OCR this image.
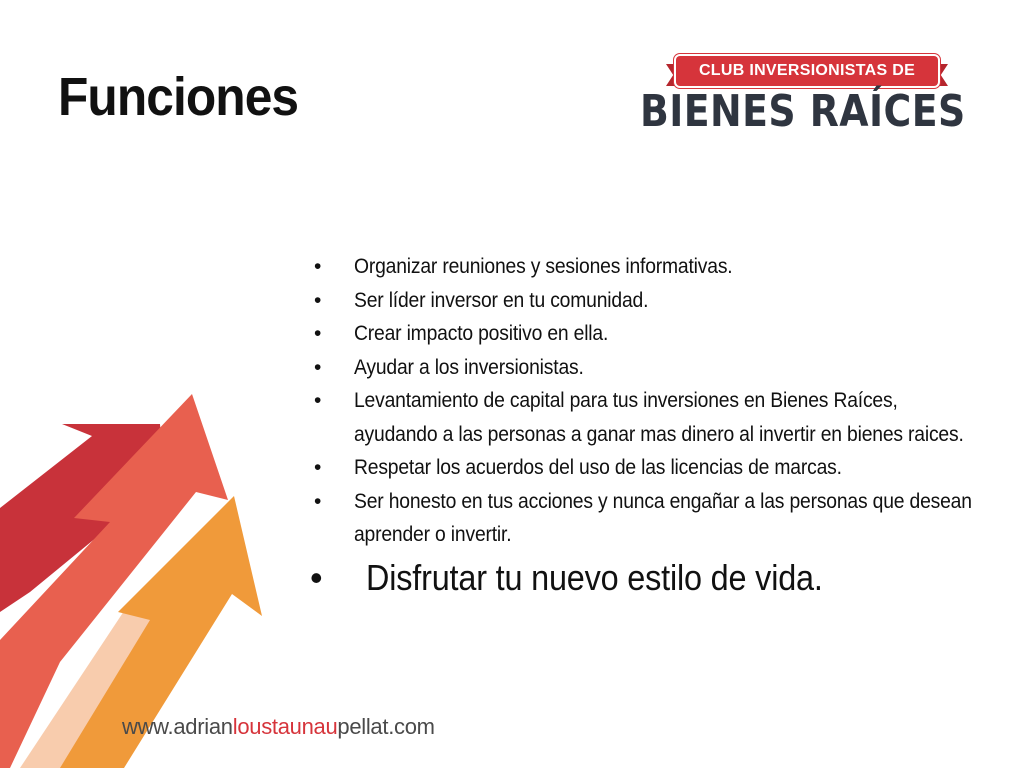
Funciones	CLUB INVERSIONISTAS DE
BIENES RAÍCES
• Organizar reuniones y sesiones informativas.
• Ser líder inversor en tu comunidad.
• Crear impacto positivo en ella.
• Ayudar a los inversionistas.
• Levantamiento de capital para tus inversiones en Bienes Raíces, ayudando a las personas a ganar mas dinero al invertir en bienes raices.
• Respetar los acuerdos del uso de las licencias de marcas.
• Ser honesto en tus acciones y nunca engañar a las personas que desean aprender o invertir.
• Disfrutar tu nuevo estilo de vida.
www.adrianloustaunaupellat.com
